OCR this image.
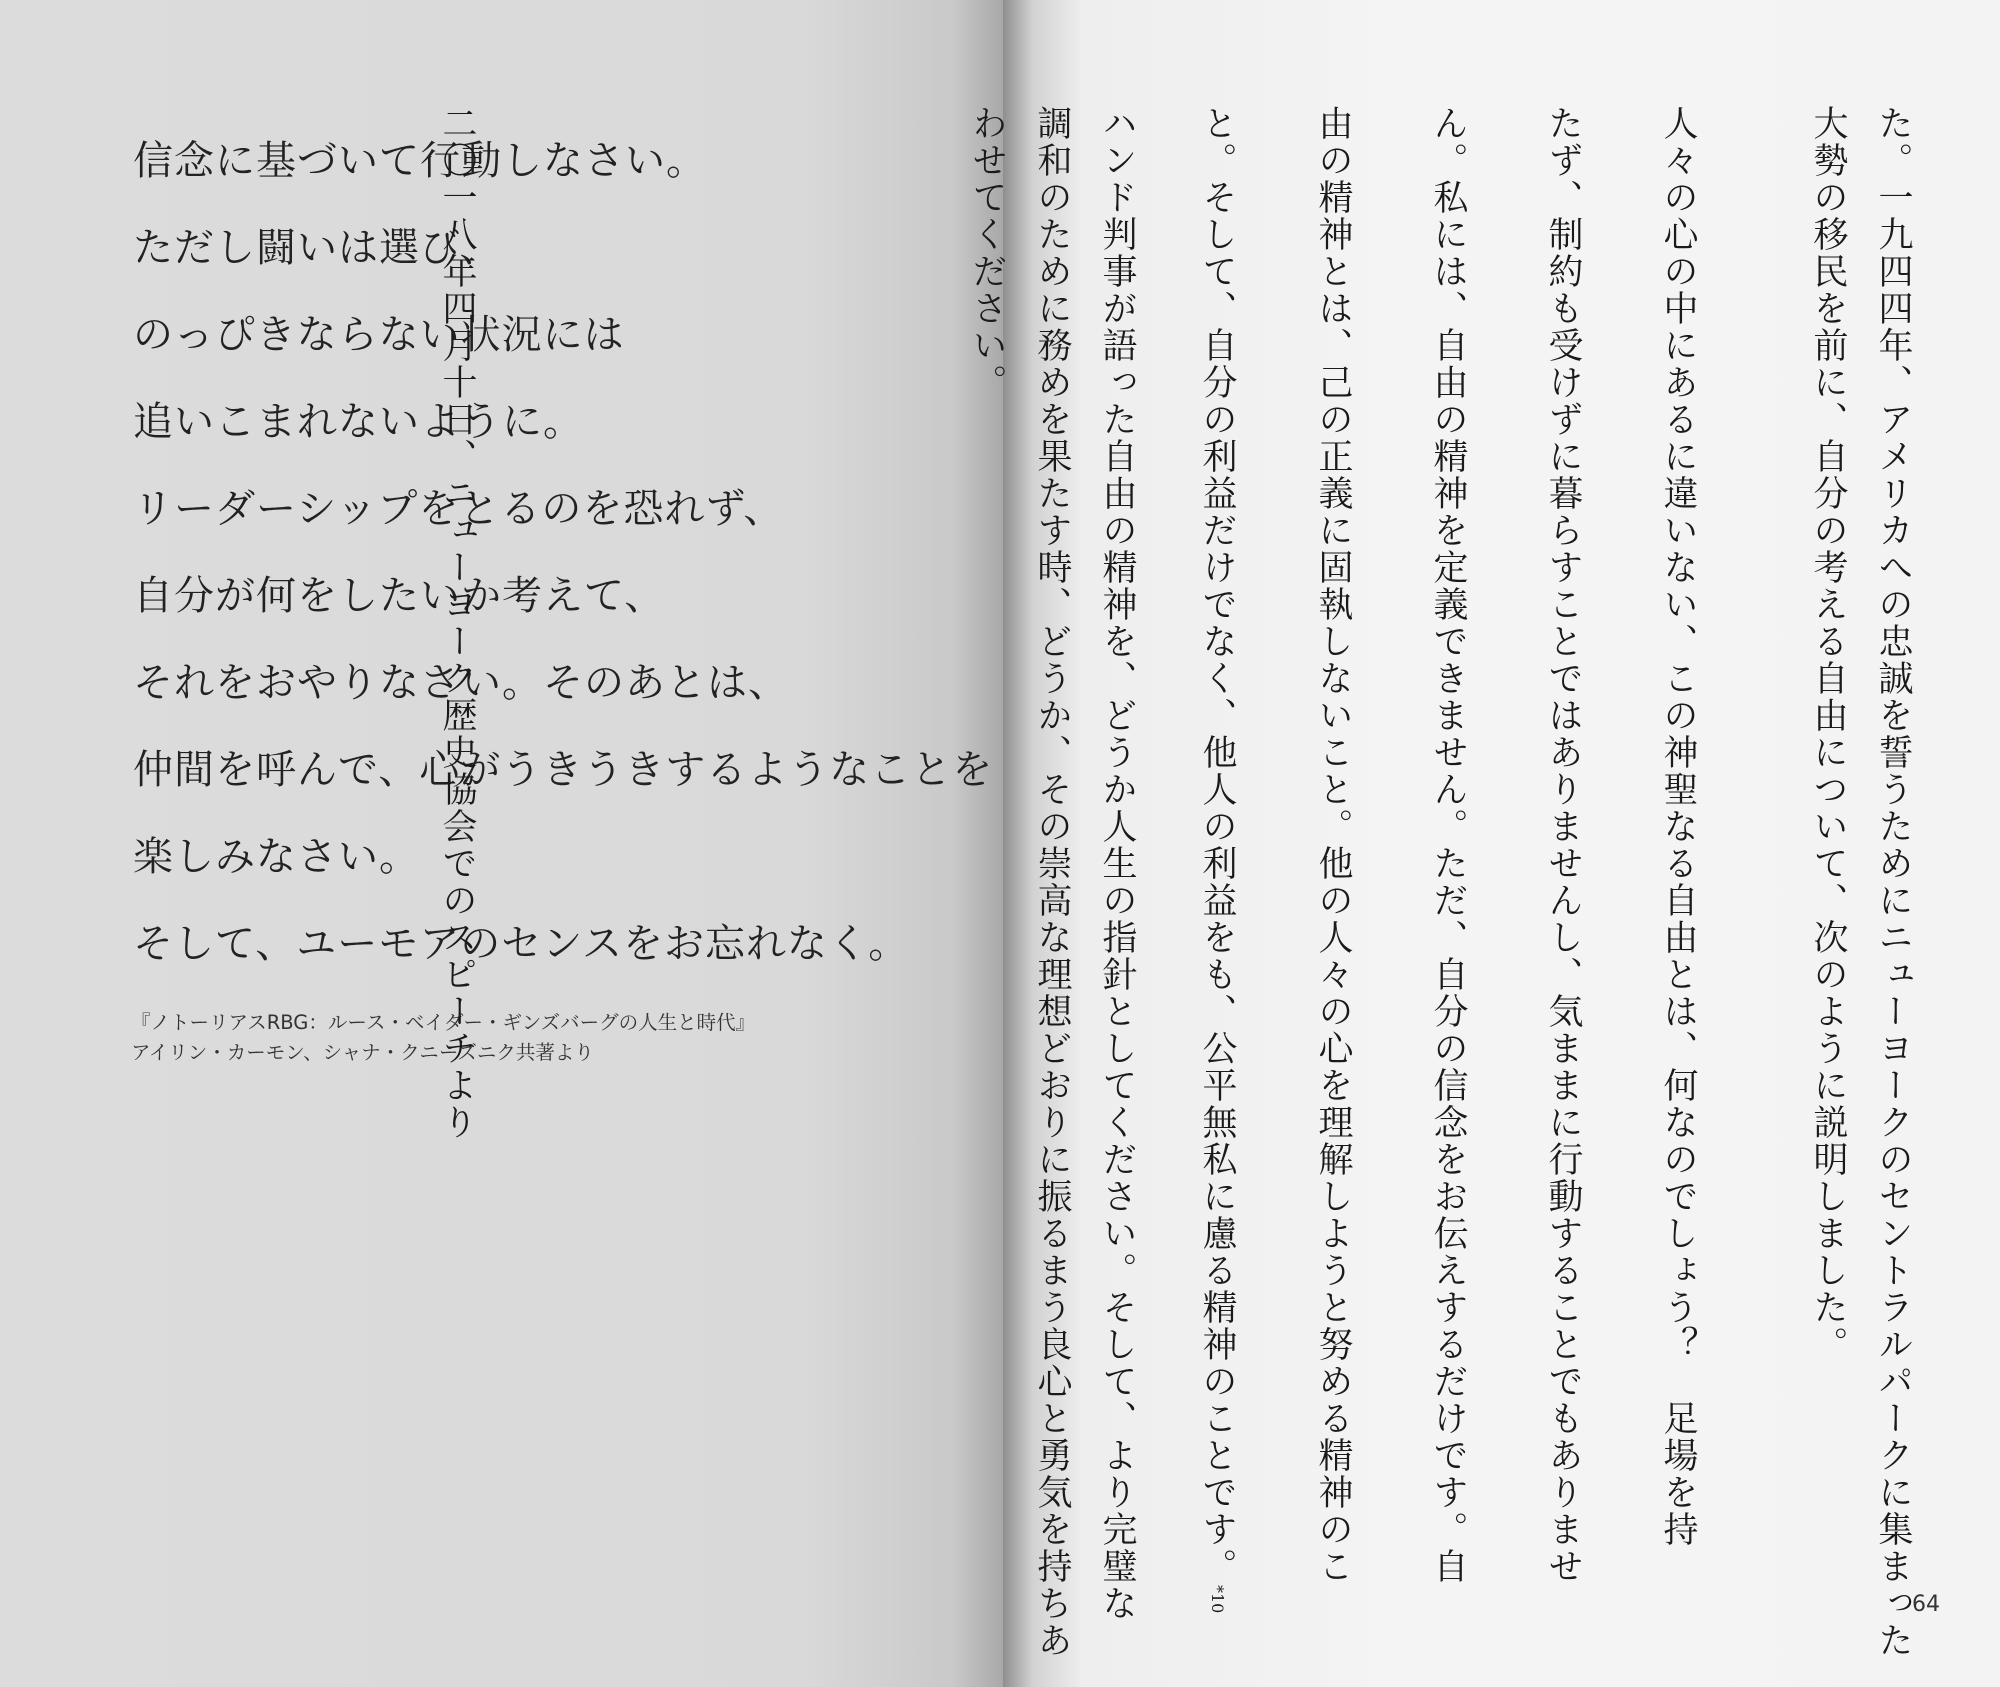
信念に基づいて行動しなさい。
ただし闘いは選び、
のっぴきならない状況には
追いこまれないように。
リーダーシップをとるのを恐れず、
自分が何をしたいか考えて、
それをおやりなさい。そのあとは、
仲間を呼んで、心がうきうきするようなことを
楽しみなさい。
そして、ユーモアのセンスをお忘れなく。
『ノトーリアスRBG：ルース・ベイダー・ギンズバーグの人生と時代』
アイリン・カーモン、シャナ・クニーズニク共著より	た。一九四四年、アメリカへの忠誠を誓うためにニューヨークのセントラルパークに集まった
大勢の移民を前に、自分の考える自由について、次のように説明しました。
人々の心の中にあるに違いない、この神聖なる自由とは、何なのでしょう？　足場を持
たず、制約も受けずに暮らすことではありませんし、気ままに行動することでもありませ
ん。私には、自由の精神を定義できません。ただ、自分の信念をお伝えするだけです。自
由の精神とは、己の正義に固執しないこと。他の人々の心を理解しようと努める精神のこ
と。そして、自分の利益だけでなく、他人の利益をも、公平無私に慮る精神のことです。*10
ハンド判事が語った自由の精神を、どうか人生の指針としてください。そして、より完璧な
調和のために務めを果たす時、どうか、その崇高な理想どおりに振るまう良心と勇気を持ちあ
わせてください。
二〇一八年四月十日、ニューヨーク歴史協会でのスピーチより
64
